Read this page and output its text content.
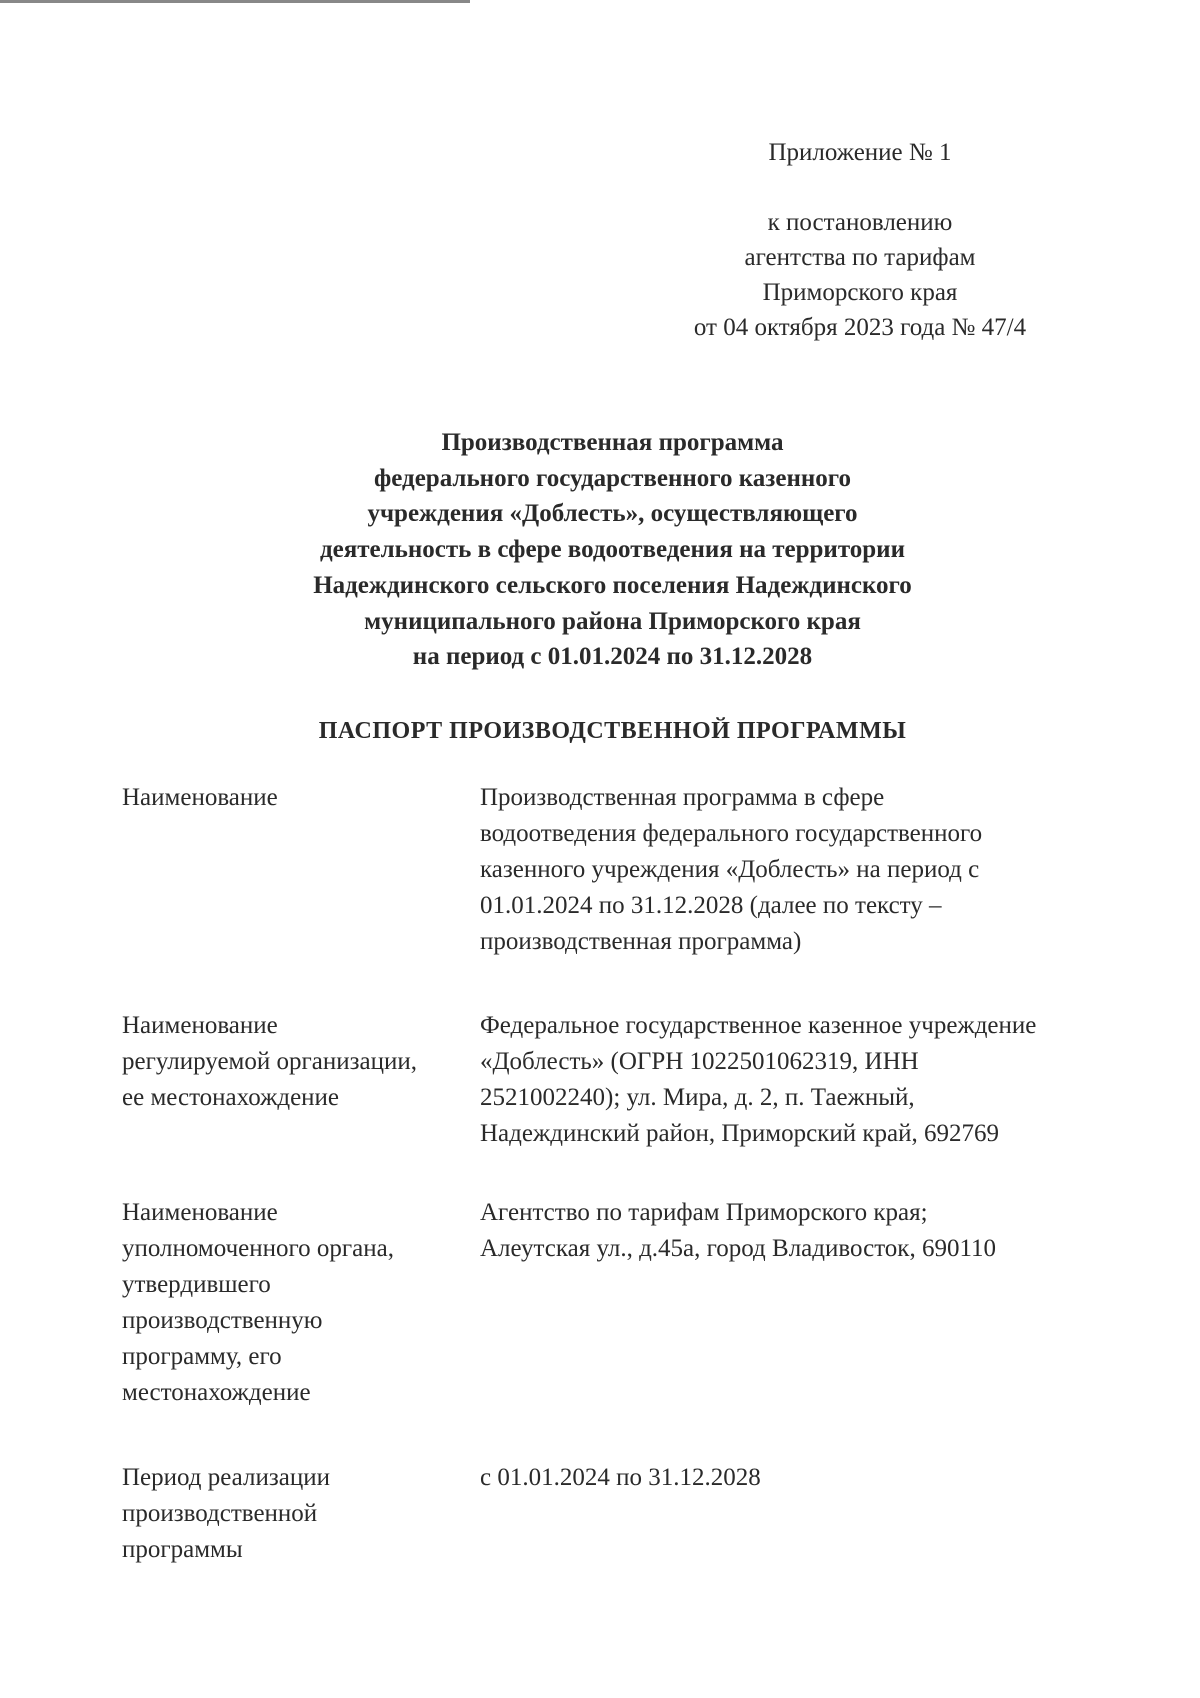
Приложение № 1
к постановлению
агентства по тарифам
Приморского края
от 04 октября 2023 года № 47/4
Производственная программа
федерального государственного казенного
учреждения «Доблесть», осуществляющего
деятельность в сфере водоотведения на территории
Надеждинского сельского поселения Надеждинского
муниципального района Приморского края
на период с 01.01.2024 по 31.12.2028
ПАСПОРТ ПРОИЗВОДСТВЕННОЙ ПРОГРАММЫ
Наименование	Производственная программа в сфере
водоотведения федерального государственного
казенного учреждения «Доблесть» на период с
01.01.2024 по 31.12.2028 (далее по тексту –
производственная программа)
Наименование
регулируемой организации,
ее местонахождение
Федеральное государственное казенное учреждение
«Доблесть» (ОГРН 1022501062319, ИНН
2521002240); ул. Мира, д. 2, п. Таежный,
Надеждинский район, Приморский край, 692769
Наименование
уполномоченного органа,
утвердившего
производственную
программу, его
местонахождение
Агентство по тарифам Приморского края;
Алеутская ул., д.45а, город Владивосток, 690110
Период реализации
производственной
программы
с 01.01.2024 по 31.12.2028
